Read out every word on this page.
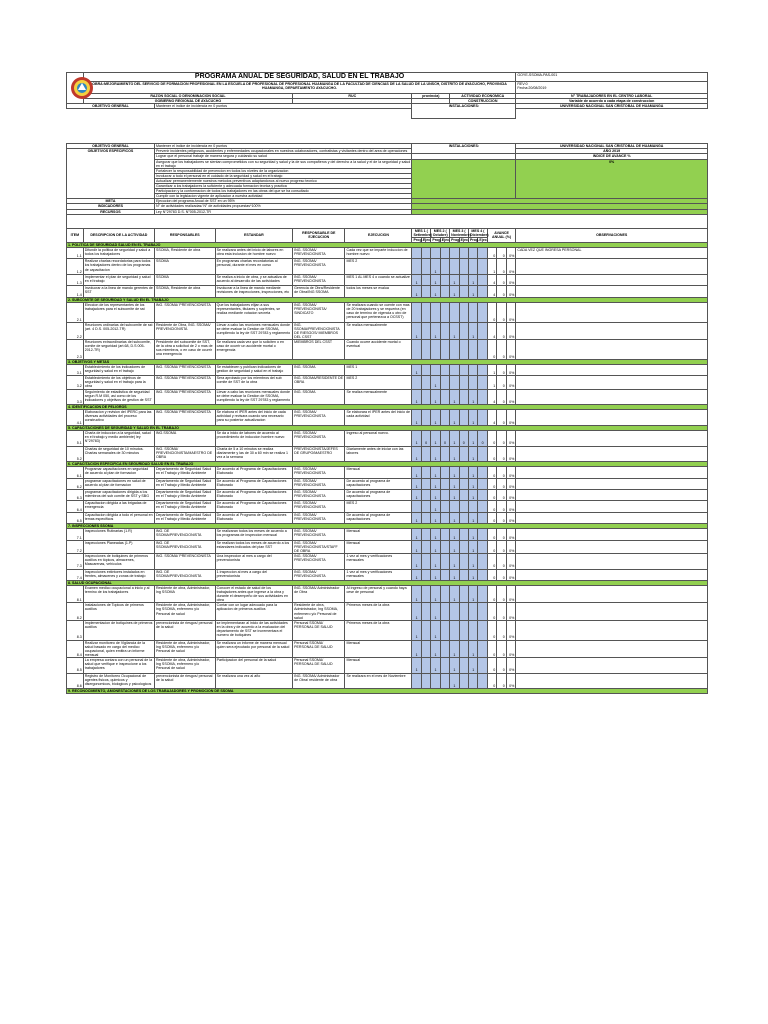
	PROGRAMA ANUAL DE SEGURIDAD, SALUD EN EL TRABAJO																GOYE-SSOMA-PAS-001
	OBRA:MEJORAMIENTO DEL SERVICIO DE FORMACION PROFESIONAL EN LA ESCUELA DE PROFESIONAL DE PROFESIONAL HUAMANGA DE LA FACULTAD DE CIENCIAS DE LA SALUD DE LA UNSCH, DISTRITO DE AYACUCHO, PROVINCIA HUAMANGA, DEPARTAMENTO AYACUCHO.																REV:0
Fecha:20/08/2019

	RAZON SOCIAL O DENOMINACION SOCIAL			RUC		provincia)				ACTIVIDAD ECONOMICA							N° TRABAJADORES EN EL CENTRO LABORAL
	GOBIERNO REGIONAL DE AYACUCHO									CONSTRUCCION							Variable de acuerdo a cada etapa de construccion
OBJETIVO GENERAL		Mantener el indice de incidencia en 0 puntos				INSTALACIONES:											UNIVERSIDAD NACIONAL SAN CRISTOBAL DE HUAMANGA

OBJETIVO GENERAL		Mantener el indice de incidencia en 0 puntos				INSTALACIONES:											UNIVERSIDAD NACIONAL SAN CRISTOBAL DE HUAMANGA
OBJETIVOS ESPECIFICOS		Prevenir incidentes peligrosos, accidentes y enfermedades ocupacionales en nuestros colaboradores, contratistas y visitantes dentro del area de operaciones															AÑO 2019
		Lograr que el personal trabaje de manera segura y cuidando su salud															INDICE DE AVANCE %
		Asegurar que los trabajadores se sientan comprometidos con su seguridad y salud y la de sus compañeros y del derecho a la salud y el de la seguridad y salud en el trabajo															0%
		Fortalecer la responsabilidad de prevencion en todos los niveles de la organizacion															
		Involucrar a todo el personal en el cuidado de la seguridad y salud en el trabajo															
		Actualizar permanentemente nuestros metodos preventivos adaptandonos al nuevo progreso tecnico															
		Garantizar a los trabajadores la suficiente y adecuada formacion teorica y practica															
		Participacion y la conformacion de todos los trabajadores en las obras del que se ha consultado															
		Cumplir con la legislacion vigente de aplicacion a nuestra actividad															
META		Ejecucion del programa Anual de SST en un 95%															
INDICADORES		N° de actividades realizadas/ N° de actividades propuestas*100%															
RECURSOS		Ley N°29783 D.S. N°005-2012-TR															

ITEM	DESCRIPCION DE LA ACTIVIDAD	RESPONSABLES	ESTANDAR	RESPONSABLE DE EJECUCION	EJECUCION	MES 1 ( Setiembre)		MES 2 ( Octubre)		MES 3 ( Noviembre)		MES 4 ( Diciembre)		AVANCE ANUAL (%)			OBSERVACIONES
						Prog.	Ejec.	Prog.	Ejec.	Prog.	Ejec.	Prog.	Ejec.				
1. POLITICA DE SEGURIDAD SALUD EN EL TRABAJO																	
1.1	Difundir la politica de seguridad y salud a todos los trabajadores	SSOMA, Residente de obra	Se realizara antes del inicio de labores en obra esta inclusion de hombre nuevo	ING. SSOMA/ PREVENCIONISTA	Cada vez que se imparte induccion de hombre nuevo									0	0	0%	CADA VEZ QUE INGRESA PERSONAL
1.2	Realizar charlas recordatorias para todos los trabajadores dentro de los programas de capacitacion	SSOMA	En programas charlas recordatorias al personal, durante el mes en curso	ING. SSOMA/ PREVENCIONISTA	MES 2			1						1	0	0%	
1.3	Implementar el plan de seguridad y salud en el trabajo	SSOMA	Se realiza a inicio de obra, y se actualiza de acuerdo al desarrollo de las actividades	ING. SSOMA/ PREVENCIONISTA	MES 1 AL MES 4 o cuando se actualize	1		1		1		1		4	0	0%	
1.4	Involucrar a la linea de mando gerentes de SST	SSOMA, Residente de obra	Involucrar a la linea de mando mediante revisiones de inspecciones, inspecciones, etc	Gerencia de Obra/Residente de Obra/ING SSOMA	todos los meses se evalua	1		1		1		1		4	0	0%	
2. SUBCOMITE DE SEGURIDAD Y SALUD EN EL TRABAJO																	
2.1	Eleccion de los representantes de los trabajadores para el subcomite de sst	ING. SSOMA/ PREVENCIONISTA	Que los trabajadores elijan a sus representantes, titulares y suplentes, se realiza mediante votacion secreta	ING. SSOMA/ PREVENCIONISTA/ SINDICATO	Se realizara cuando se cuente con mas de 20 trabajadores y se requerira (en caso de termino de vigencia u otro de personal que pertenezca a OCSST)									0	0	0%	
2.2	Reuniones ordinarias del subcomite de sst (art. 4 D.S. 005-2012-TR)	Residente de Obra, ING. SSOMA/ PREVENCIONISTA	Llevar a cabo las reuniones mensuales donde se debe evaluar la Gestion de SSOMA, cumpliendo la ley de SST 29783 y reglamento	ING. SSOMA/PREVENCIONISTA DE RIESGOS/ MIEMBROS DEL CSST	Se realiza mensualmente	1		1		1		1		4	0	0%	
2.3	Reuniones extraordinarias del subcomite, comite de seguridad (art.68, D.S 005-2012-TR)	Presidente del subcomite de SST, de la obra a solicitud de 2 o mas de sus miembros, o en caso de ocurrir una emergencia	Se realizara cada vez que lo soliciten o en caso de ocurrir un accidente mortal o emergencia	MIEMBROS DEL CSST	Cuando ocurre accidente mortal o eventual									0	0	0%	
3. OBJETIVOS Y METAS																	
3.1	Establecimiento de los indicadores de seguridad y salud en el trabajo	ING. SSOMA/ PREVENCIONISTA	Se establecen y publican indicadores de gestion de seguridad y salud en el trabajo	ING. SSOMA	MES 1	1								1	0	0%	
3.2	Establecimiento de los objetivos de seguridad y salud en el trabajo para la obra	ING. SSOMA/ PREVENCIONISTA	Sera aprobado por los miembros del sub comite de SST de la obra	ING. SSOMA/RESIDENTE DE OBRA	MES 2			1						1	0	0%	
3.3	Seguimiento de estadistica de seguridad segun R.M 050, asi como de los indicadores y objetivos de gestion de SST	ING. SSOMA/ PREVENCIONISTA	Llevar a cabo las reuniones mensuales donde se debe evaluar la Gestion de SSOMA, cumpliendo la ley de SST 29783 y reglamento	ING. SSOMA	Se realiza mensualmente	1		1		1		1		4	0	0%	
4. IDENTIFICACION DE PELIGROS																	
4.1	Elaboracion y revision del IPERC para las diversas actividades del proceso constructivo	ING. SSOMA/ PREVENCIONISTA	Se elabora el IPER antes del inicio de cada actividad y revisara cuando sea necesario para su posterior actualizacion	ING. SSOMA/ PREVENCIONISTA	Se elaborara el IPER antes del inicio de cada actividad	1		1		1		1		4	0	0%	
5. CAPACITACIONES DE SEGURIDAD Y SALUD EN EL TRABAJO																	
5.1	Charla de induccion a la seguridad, salud en el trabajo y medio ambiente( ley N°29783)	ING.SSOMA	Se da a inicio de labores de acuerdo al procedimiento de induccion hombre nuevo	ING. SSOMA/ PREVENCIONISTA	Ingreso al personal nuevo.	1	0	1	0	1	0	1	0	0	0	0%	
5.2	Charlas de seguridad de 10 minutos. Charlas semanales de 30 minutos	ING. SSOMA/ PREVENCIONISTA/MAESTRO DE OBRA	Charla de 5 a 10 minutos se realiza diariamente y las de 30 a 60 min se realiza 1 vez a la semana	PREVENCIONISTA/JEFES DE GRUPO/MAESTRO	Diariamente antes de iniciar con las labores	1		1		1		1		0	0	0%	
6. CAPACITACION ESPECIFICA EN SEGURIDAD SALUD EN EL TRABAJO																	
6.1	Programar capacitaciones en seguridad de acuerdo al plan de formacion	Departamento de Seguridad Salud en el Trabajo y Medio Ambiente	De acuerdo al Programa de Capacitaciones Elaborado	ING. SSOMA/ PREVENCIONISTA	Mensual	1		1		1		1		0	0	0%	
6.2	programar capacitaciones en salud de acuerdo al plan de formacion	Departamento de Seguridad Salud en el Trabajo y Medio Ambiente	De acuerdo al Programa de Capacitaciones Elaborado	ING. SSOMA/ PREVENCIONISTA	De acuerdo al programa de capacitaciones	1		1		1		1		0	0	0%	
6.3	programar capacitaciones dirigida a los miembros del sub comite de SST y SBG	Departamento de Seguridad Salud en el Trabajo y Medio Ambiente	De acuerdo al Programa de Capacitaciones Elaborado	ING. SSOMA/ PREVENCIONISTA	De acuerdo al programa de capacitaciones	1		1		1		1		0	0	0%	
6.4	Capacitacion dirigida a las brigadas de emergencia	Departamento de Seguridad Salud en el Trabajo y Medio Ambiente	De acuerdo al Programa de Capacitaciones Elaborado	ING. SSOMA/ PREVENCIONISTA	MES 2			1						0	0	0%	
6.5	Capacitacion dirigida a todo el personal en temas especificos	Departamento de Seguridad Salud en el Trabajo y Medio Ambiente	De acuerdo al Programa de Capacitaciones Elaborado	ING. SSOMA/ PREVENCIONISTA	De acuerdo al programa de capacitaciones	1		1		1		1		0	0	0%	
7. INSPECCIONES SSOMA																	
7.1	Inspecciones Rutinarias (1.R)	ING. DE SSOMA/PREVENCIONISTA	Se realizaran todos los meses de acuerdo a los programas de inspeccion mensual	ING. SSOMA/ PREVENCIONISTA	Mensual	1		1		1		1		0	0	0%	
7.2	Inspecciones Planeadas (1.P)	ING. DE SSOMA/PREVENCIONISTA	Se realizan todos los meses de acuerdo a los estandares indicados del plan SST	ING. SSOMA/ PREVENCIONISTA/STAFF DE OBRA	Mensual	1		1		1		1		0	0	0%	
7.3	Inspecciones de botiquines de primeros auxilios en tópicos, almacenes, Mascarenas, vehículos	ING. SSOMA/ PREVENCIONISTA	Una inspeccion al mes a cargo del prevencionista	ING. SSOMA/ PREVENCIONISTA	1 vez al mes y verificaciones mensuales	1		1		1		1		0	0	0%	
7.4	Inspecciones extintores instalados en frentes, almacenes y zonas de trabajo	ING. DE SSOMA/PREVENCIONISTA	1 inspeccion al mes a cargo del prevencionista	ING. SSOMA/ PREVENCIONISTA	1 vez al mes y verificaciones mensuales	1		1		1		1		0	0	0%	
8. SALUD OCUPACIONAL																	
8.1	Examen medico ocupacional a inicio y al termino de los trabajadores	Residente de obra, Administrador, Ing SSOMA	Conocer el estado de salud de los trabajadores antes que ingrese a la obra y durante el desempeño de sus actividades en obra	ING. SSOMA/ Administrador de Obra	Al ingreso de personal y cuando haya cese de personal	1		1		1		1		0	0	0%	
8.2	Instalaciones de Topicos de primeros auxilios	Residente de obra, Administrador, Ing SSOMA, enfermero y/o Personal de salud	Contar con un lugar adecuado para la aplicacion de primeros auxilios	Residente de obra, Administrador, Ing SSOMA, enfermero y/o Personal de salud	Primeros meses de la obra	1		1						0	0	0%	
8.3	Implementacion de botiquines de primeros auxilios	prevencionista de riesgos/ personal de la salud	se implementaran al inicio de las actividades en la obra y de acuerdo a la evaluacion del departamento de SST se incrementara el numero de botiquines	Personal SSOMA/ PERSONAL DE SALUD	Primeros meses de la obra	1		1						0	0	0%	
8.4	Realizar monitoreo de Vigilancia de la salud basado en cargo del medico ocupacional, quien emitira un informe mensual	Residente de obra, Administrador, Ing SSOMA, enfermero y/o Personal de salud	Se realizara un informe de manera mensual quien sera ejecutado por personal de la salud	Personal SSOMA/ PERSONAL DE SALUD	Mensual	1		1		1		1		0	0	0%	
8.5	La empresa contara con un personal de la salud que verifique e inspeccione a los trabajadores	Residente de obra, Administrador, Ing SSOMA, enfermero y/o Personal de salud	Participacion del personal de la salud	Personal SSOMA/ PERSONAL DE SALUD	Mensual	1		1		1		1		0	0	0%	
8.6	Registro de Monitoreo Ocupacional de agentes fisicos, quimicos y disergonomicos, biologicos y psicologicos	prevencionista de riesgos/ personal de la salud	Se realizara una vez al año	ING. SSOMA/ Administrador de Obra/ residente de obra	Se realizara en el mes de Noviembre					1				0	0	0%	
9. RECONOCIMIENTO, AMONESTACIONES DE LOS TRABAJADORES Y PROMOCION DE SSOMA																	
